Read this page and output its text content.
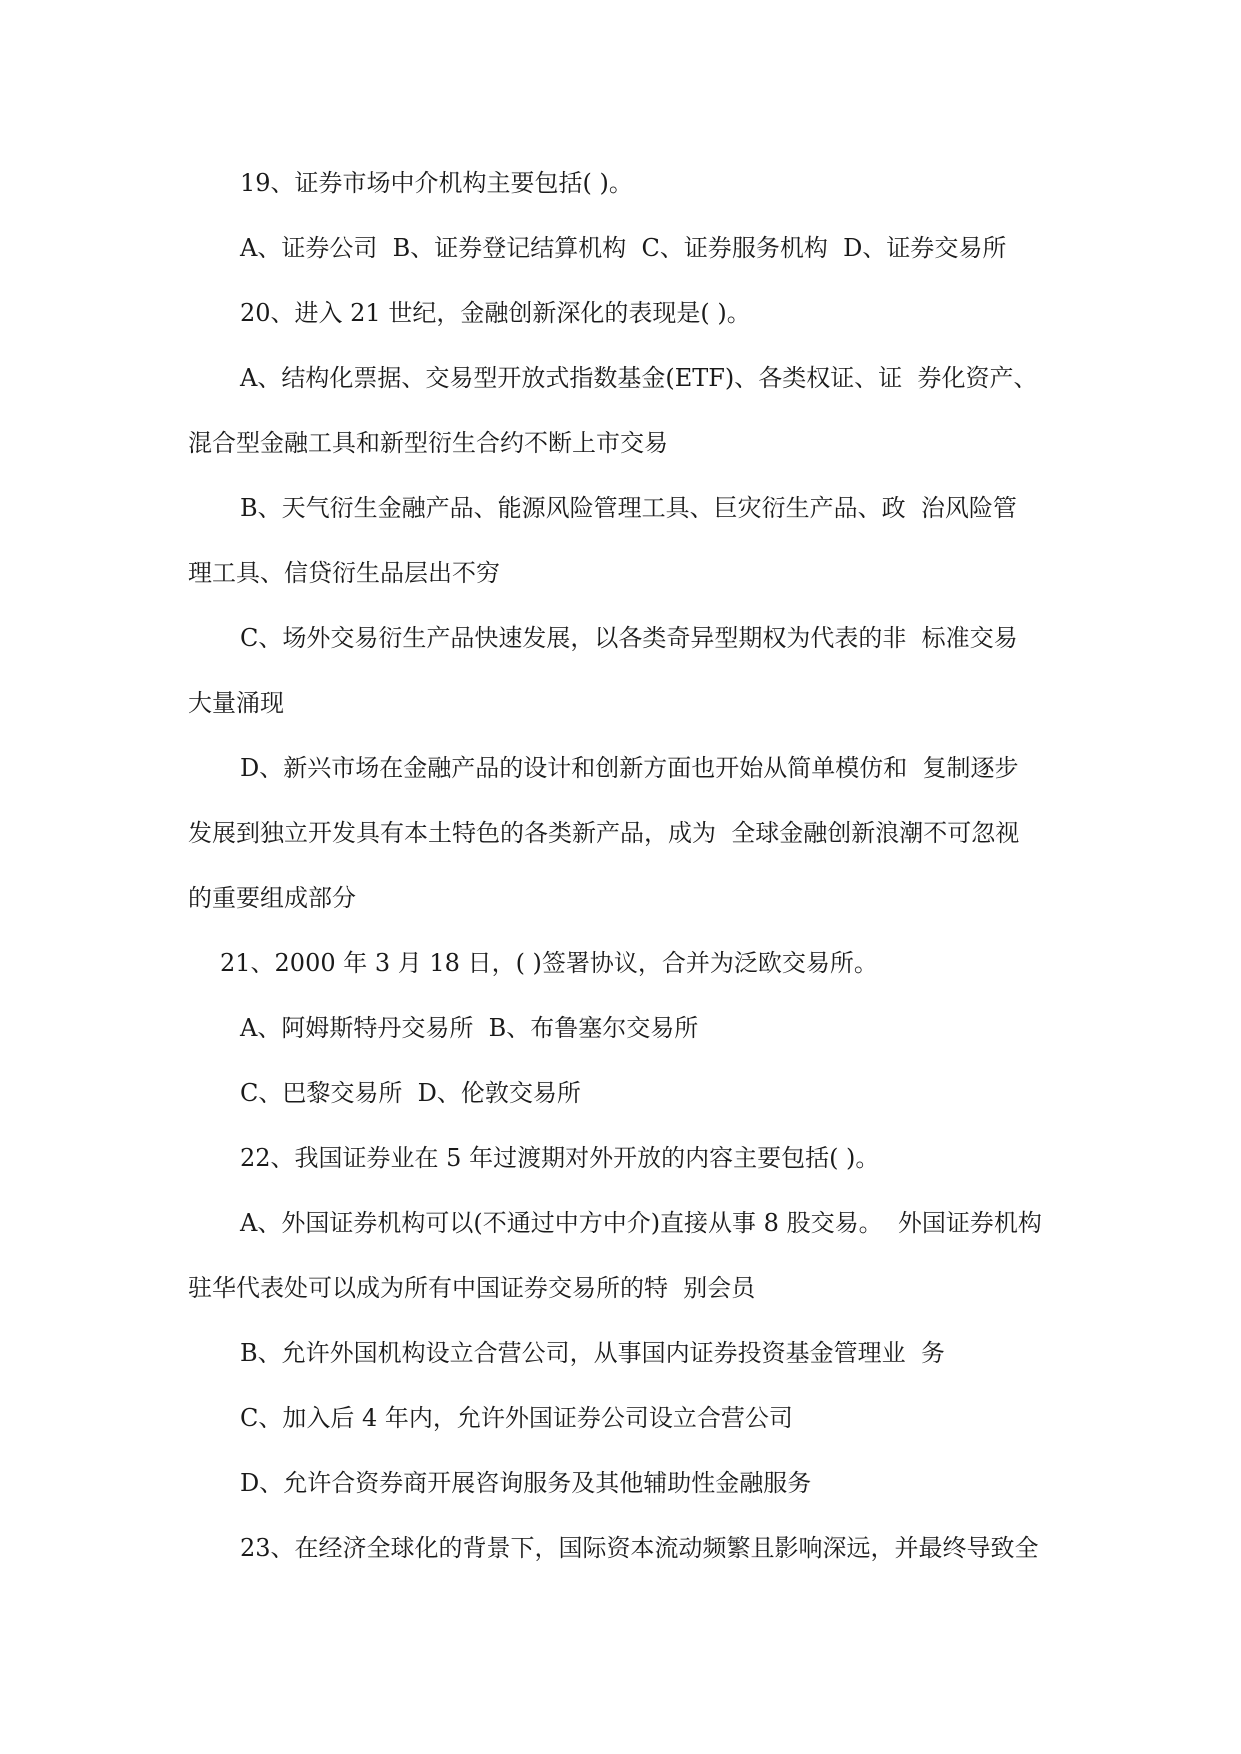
19、证券市场中介机构主要包括( )。
A、证券公司  B、证券登记结算机构  C、证券服务机构  D、证券交易所
20、进入 21 世纪，金融创新深化的表现是( )。
A、结构化票据、交易型开放式指数基金(ETF)、各类权证、证  券化资产、
混合型金融工具和新型衍生合约不断上市交易
B、天气衍生金融产品、能源风险管理工具、巨灾衍生产品、政  治风险管
理工具、信贷衍生品层出不穷
C、场外交易衍生产品快速发展，以各类奇异型期权为代表的非  标准交易
大量涌现
D、新兴市场在金融产品的设计和创新方面也开始从简单模仿和  复制逐步
发展到独立开发具有本土特色的各类新产品，成为  全球金融创新浪潮不可忽视
的重要组成部分
21、2000 年 3 月 18 日，( )签署协议，合并为泛欧交易所。
A、阿姆斯特丹交易所  B、布鲁塞尔交易所
C、巴黎交易所  D、伦敦交易所
22、我国证券业在 5 年过渡期对外开放的内容主要包括( )。
A、外国证券机构可以(不通过中方中介)直接从事 8 股交易。  外国证券机构
驻华代表处可以成为所有中国证券交易所的特  别会员
B、允许外国机构设立合营公司，从事国内证券投资基金管理业  务
C、加入后 4 年内，允许外国证券公司设立合营公司
D、允许合资券商开展咨询服务及其他辅助性金融服务
23、在经济全球化的背景下，国际资本流动频繁且影响深远，并最终导致全
